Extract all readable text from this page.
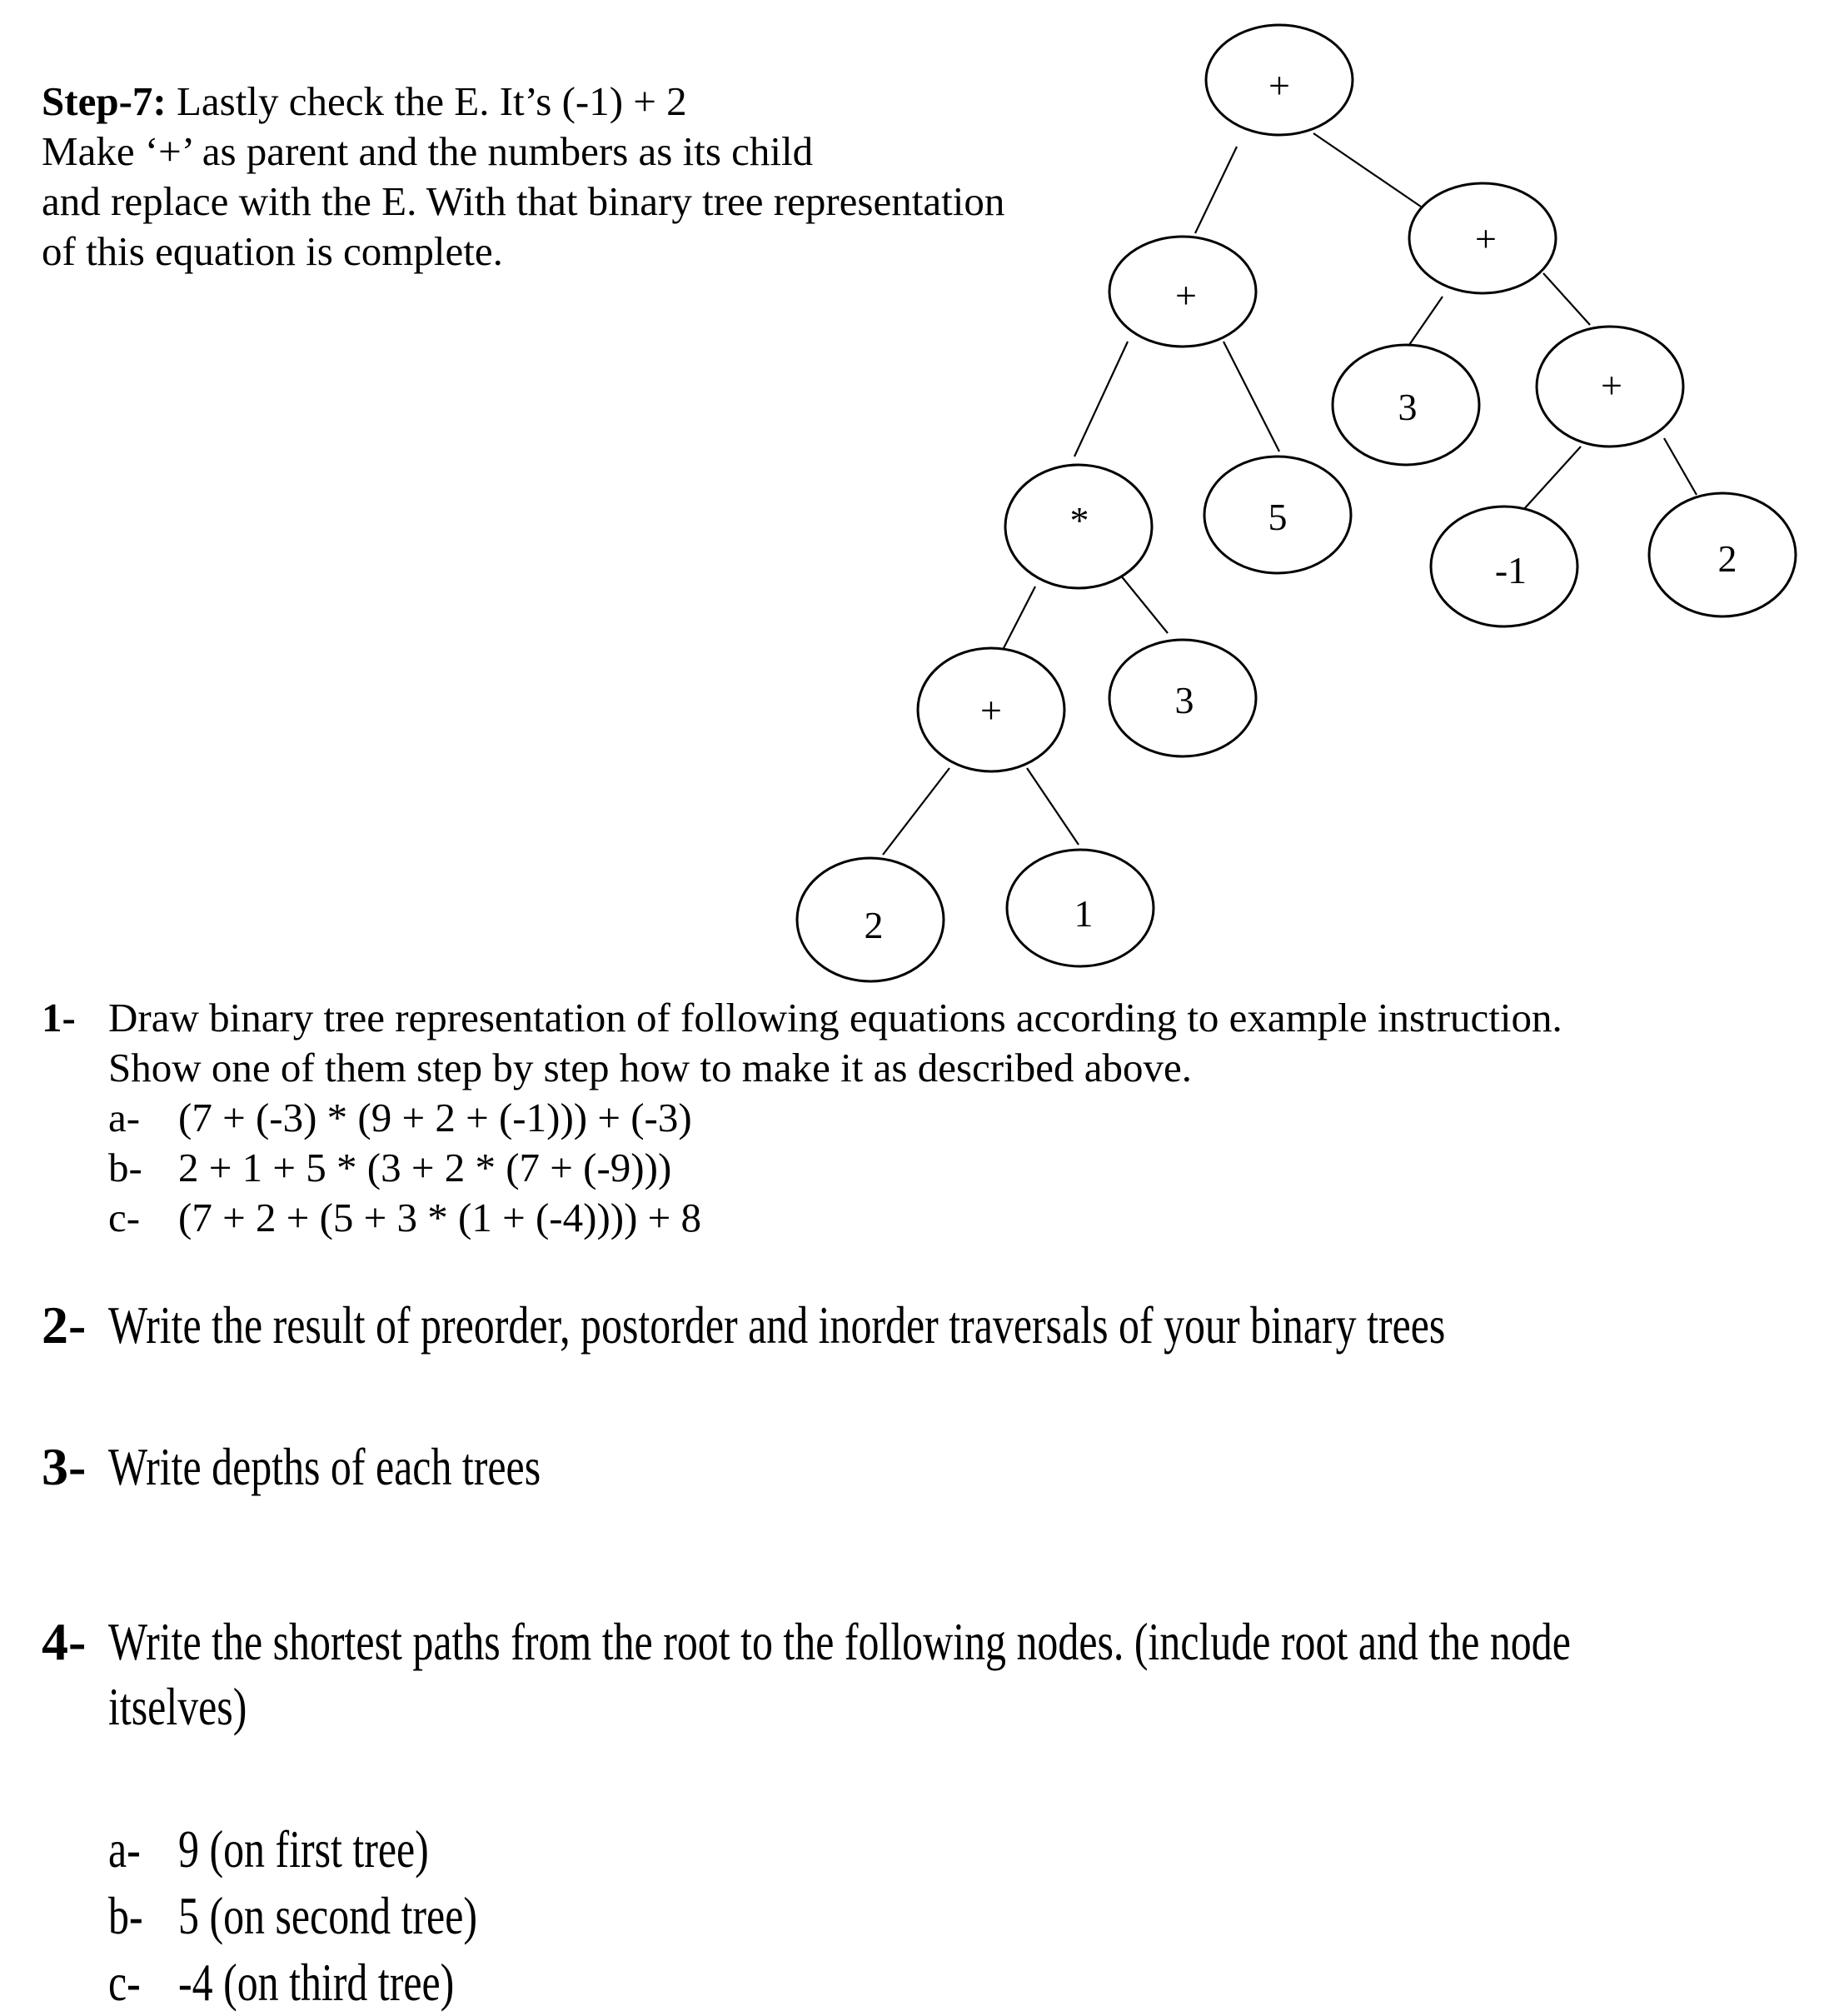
Step-7: Lastly check the E. It’s (-1) + 2
Make ‘+’ as parent and the numbers as its child
and replace with the E. With that binary tree representation
of this equation is complete.
+
+
+
*	5
3
+
+	3
-1	2
2	1
1- Draw binary tree representation of following equations according to example instruction.
Show one of them step by step how to make it as described above.
a- (7 + (-3) * (9 + 2 + (-1))) + (-3)
b- 2 + 1 + 5 * (3 + 2 * (7 + (-9)))
c- (7 + 2 + (5 + 3 * (1 + (-4)))) + 8
2- Write the result of preorder, postorder and inorder traversals of your binary trees
3- Write depths of each trees
4- Write the shortest paths from the root to the following nodes. (include root and the node
itselves)
a- 9 (on first tree)
b- 5 (on second tree)
c- -4 (on third tree)
